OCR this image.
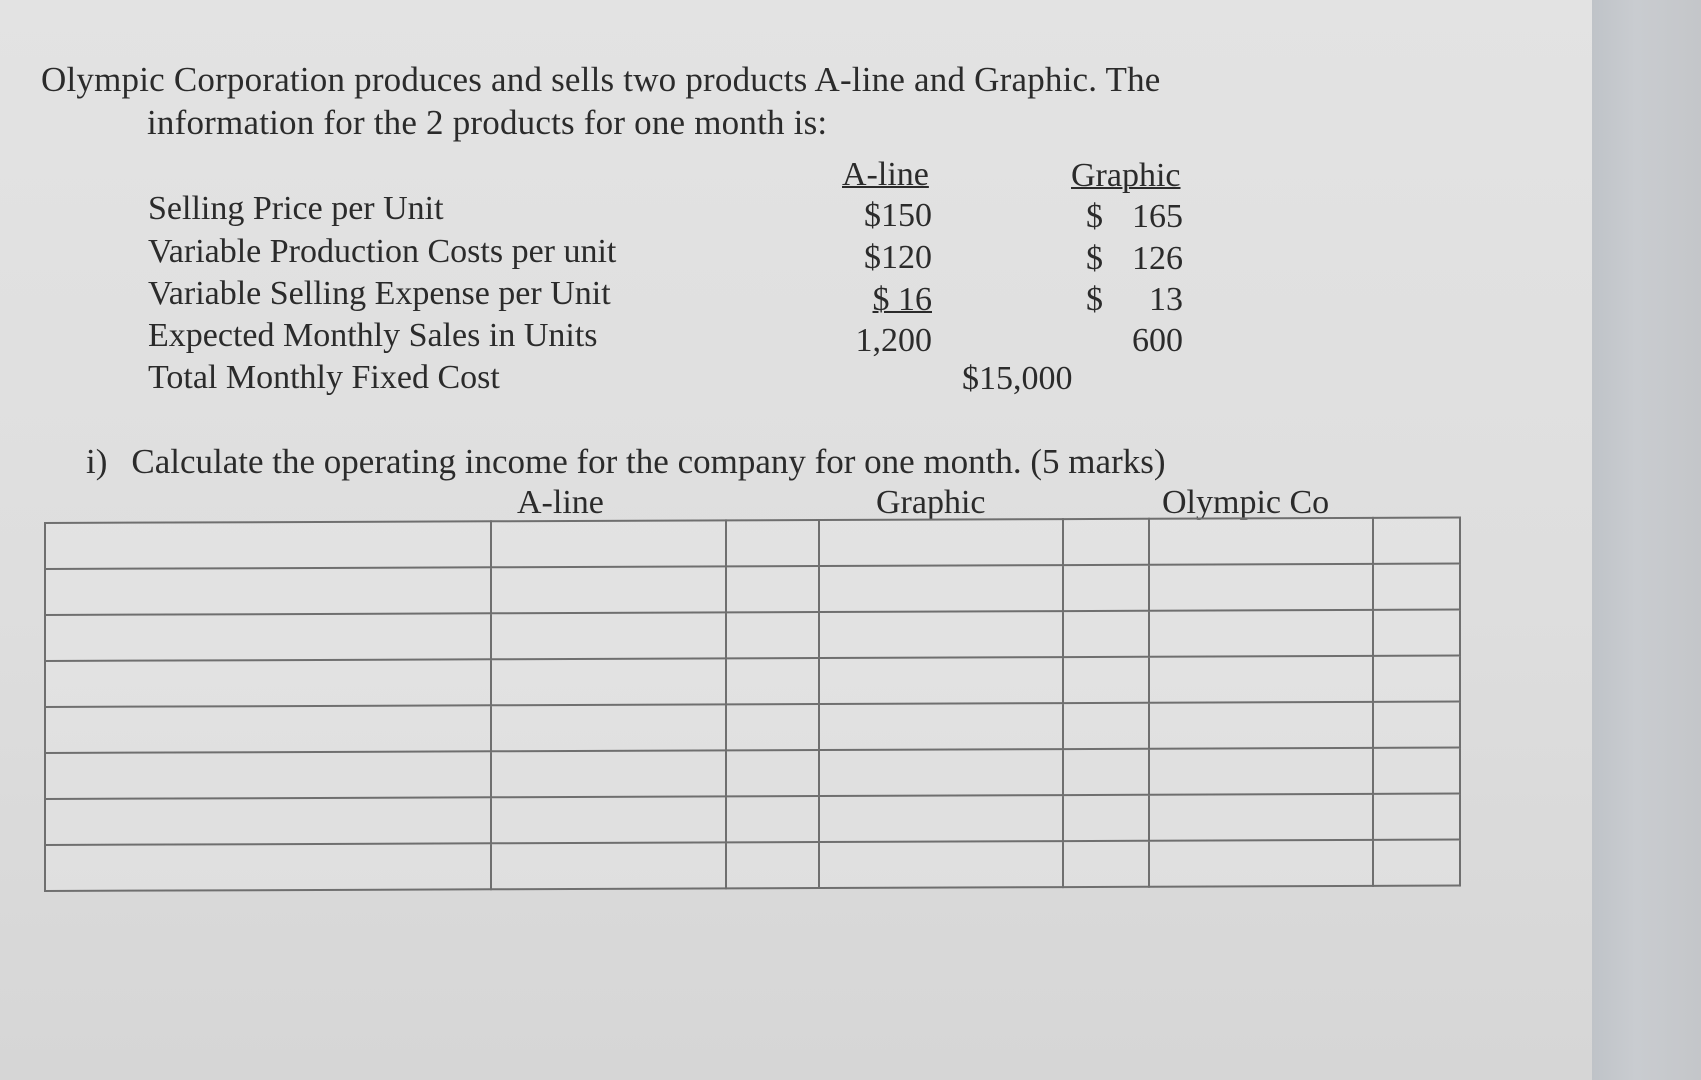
Olympic Corporation produces and sells two products A-line and Graphic. The
information for the 2 products for one month is:
A-line	Graphic
Selling Price per Unit	$150	$ 165
Variable Production Costs per unit	$120	$ 126
Variable Selling Expense per Unit	$ 16	$	13
Expected Monthly Sales in Units	1,200	600
Total Monthly Fixed Cost	$15,000
i) Calculate the operating income for the company for one month. (5 marks)
A-line	Graphic	Olympic Co
